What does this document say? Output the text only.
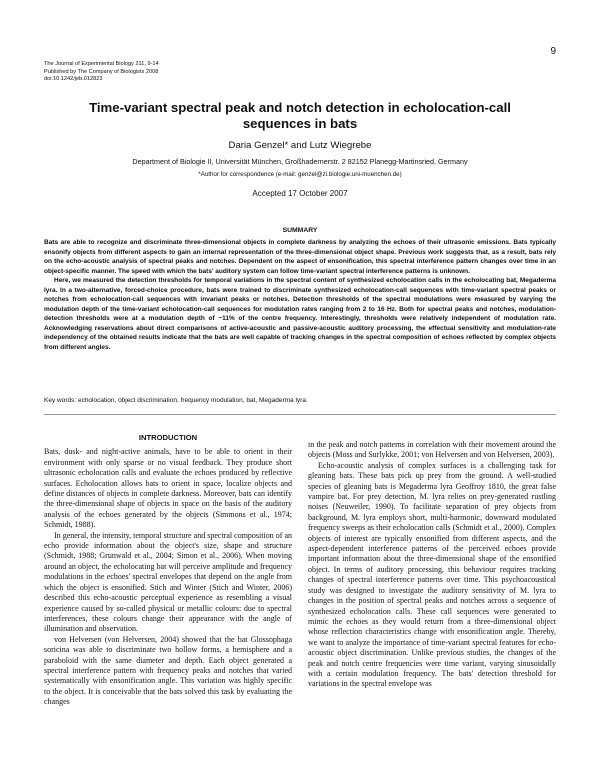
9
The Journal of Experimental Biology 211, 9-14
Published by The Company of Biologists 2008
doi:10.1242/jeb.012823
Time-variant spectral peak and notch detection in echolocation-call sequences in bats
Daria Genzel* and Lutz Wiegrebe
Department of Biologie II, Universität München, Großhadernerstr. 2 82152 Planegg-Martinsried, Germany
*Author for correspondence (e-mail: genzel@zi.biologie.uni-muenchen.de)
Accepted 17 October 2007
SUMMARY

Bats are able to recognize and discriminate three-dimensional objects in complete darkness by analyzing the echoes of their ultrasonic emissions. Bats typically ensonify objects from different aspects to gain an internal representation of the three-dimensional object shape. Previous work suggests that, as a result, bats rely on the echo-acoustic analysis of spectral peaks and notches. Dependent on the aspect of ensonification, this spectral interference pattern changes over time in an object-specific manner. The speed with which the bats' auditory system can follow time-variant spectral interference patterns is unknown.

Here, we measured the detection thresholds for temporal variations in the spectral content of synthesized echolocation calls in the echolocating bat, Megaderma lyra. In a two-alternative, forced-choice procedure, bats were trained to discriminate synthesized echolocation-call sequences with time-variant spectral peaks or notches from echolocation-call sequences with invariant peaks or notches. Detection thresholds of the spectral modulations were measured by varying the modulation depth of the time-variant echolocation-call sequences for modulation rates ranging from 2 to 16 Hz. Both for spectral peaks and notches, modulation-detection thresholds were at a modulation depth of ~11% of the centre frequency. Interestingly, thresholds were relatively independent of modulation rate. Acknowledging reservations about direct comparisons of active-acoustic and passive-acoustic auditory processing, the effectual sensitivity and modulation-rate independency of the obtained results indicate that the bats are well capable of tracking changes in the spectral composition of echoes reflected by complex objects from different angles.

Key words: echolocation, object discrimination, frequency modulation, bat, Megaderma lyra.
INTRODUCTION

Bats, dusk- and night-active animals, have to be able to orient in their environment with only sparse or no visual feedback. They produce short ultrasonic echolocation calls and evaluate the echoes produced by reflective surfaces. Echolocation allows bats to orient in space, localize objects and define distances of objects in complete darkness. Moreover, bats can identify the three-dimensional shape of objects in space on the basis of the auditory analysis of the echoes generated by the objects (Simmons et al., 1974; Schmidt, 1988).

In general, the intensity, temporal structure and spectral composition of an echo provide information about the object's size, shape and structure (Schmidt, 1988; Grunwald et al., 2004; Simon et al., 2006). When moving around an object, the echolocating bat will perceive amplitude and frequency modulations in the echoes' spectral envelopes that depend on the angle from which the object is ensonified. Stich and Winter (Stich and Winter, 2006) described this echo-acoustic perceptual experience as resembling a visual experience caused by so-called physical or metallic colours: due to spectral interferences, these colours change their appearance with the angle of illumination and observation.

von Helversen (von Helversen, 2004) showed that the bat Glossophaga soricina was able to discriminate two hollow forms, a hemisphere and a paraboloid with the same diameter and depth. Each object generated a spectral interference pattern with frequency peaks and notches that varied systematically with ensonification angle. This variation was highly specific to the object. It is conceivable that the bats solved this task by evaluating the changes

in the peak and notch patterns in correlation with their movement around the objects (Moss and Surlykke, 2001; von Helversen and von Helversen, 2003).

Echo-acoustic analysis of complex surfaces is a challenging task for gleaning bats. These bats pick up prey from the ground. A well-studied species of gleaning bats is Megaderma lyra Geoffroy 1810, the great false vampire bat. For prey detection, M. lyra relies on prey-generated rustling noises (Neuweiler, 1990). To facilitate separation of prey objects from background, M. lyra employs short, multi-harmonic, downward modulated frequency sweeps as their echolocation calls (Schmidt et al., 2000). Complex objects of interest are typically ensonified from different aspects, and the aspect-dependent interference patterns of the perceived echoes provide important information about the three-dimensional shape of the ensonified object. In terms of auditory processing, this behaviour requires tracking changes of spectral interference patterns over time. This psychoacoustical study was designed to investigate the auditory sensitivity of M. lyra to changes in the position of spectral peaks and notches across a sequence of synthesized echolocation calls. These call sequences were generated to mimic the echoes as they would return from a three-dimensional object whose reflection characteristics change with ensonification angle. Thereby, we want to analyze the importance of time-variant spectral features for echo-acoustic object discrimination. Unlike previous studies, the changes of the peak and notch centre frequencies were time variant, varying sinusoidally with a certain modulation frequency. The bats' detection threshold for variations in the spectral envelope was
